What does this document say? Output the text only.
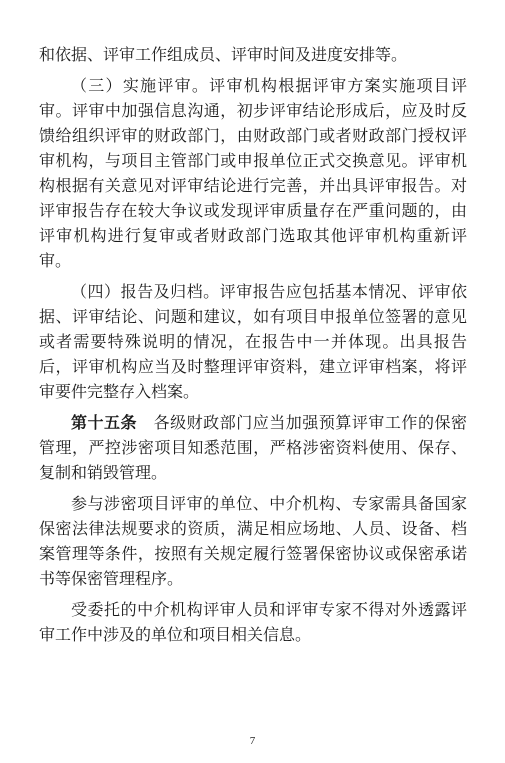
和依据、评审工作组成员、评审时间及进度安排等。

（三）实施评审。评审机构根据评审方案实施项目评审。评审中加强信息沟通，初步评审结论形成后，应及时反馈给组织评审的财政部门，由财政部门或者财政部门授权评审机构，与项目主管部门或申报单位正式交换意见。评审机构根据有关意见对评审结论进行完善，并出具评审报告。对评审报告存在较大争议或发现评审质量存在严重问题的，由评审机构进行复审或者财政部门选取其他评审机构重新评审。

（四）报告及归档。评审报告应包括基本情况、评审依据、评审结论、问题和建议，如有项目申报单位签署的意见或者需要特殊说明的情况，在报告中一并体现。出具报告后，评审机构应当及时整理评审资料，建立评审档案，将评审要件完整存入档案。

第十五条　各级财政部门应当加强预算评审工作的保密管理，严控涉密项目知悉范围，严格涉密资料使用、保存、复制和销毁管理。

参与涉密项目评审的单位、中介机构、专家需具备国家保密法律法规要求的资质，满足相应场地、人员、设备、档案管理等条件，按照有关规定履行签署保密协议或保密承诺书等保密管理程序。

受委托的中介机构评审人员和评审专家不得对外透露评审工作中涉及的单位和项目相关信息。

7
